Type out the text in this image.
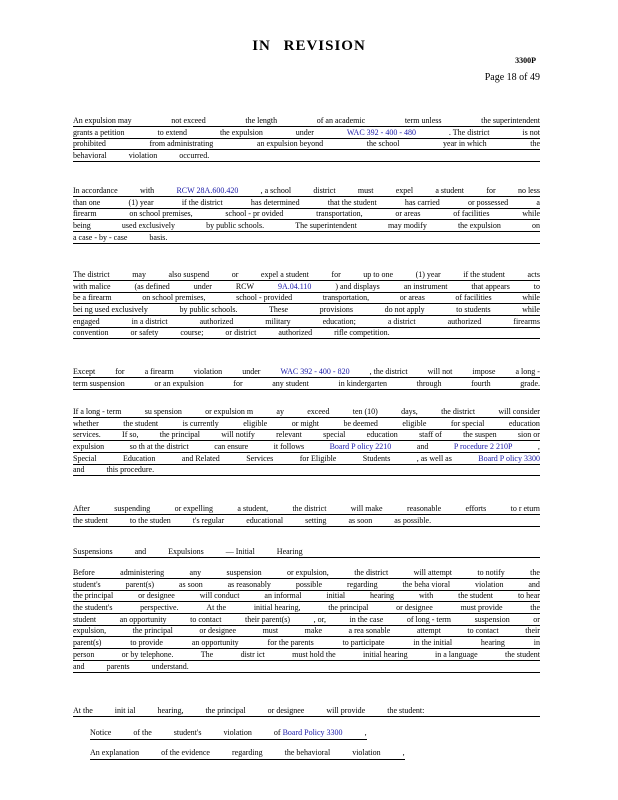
IN REVISION
3300P
Page 18 of 49
An expulsion may	not exceed	the length	of an academic	term unless	the superintendent
grants a petition	to extend	the expulsion	under	WAC 392 - 400 - 480	. The district	is not
prohibited	from administrating	an expulsion beyond	the school	year in which	the
behavioral	violation	occurred.
In accordance	with	RCW 28A.600.420	, a school	district	must	expel	a student	for	no less
than one	(1) year	if the district	has determined	that the student	has carried	or possessed	a
firearm	on school premises,	school - pr ovided	transportation,	or areas	of facilities	while
being	used exclusively	by public schools.	The superintendent	may modify	the expulsion	on
a case - by - case	basis.
The district	may	also suspend	or	expel a student	for	up to one	(1) year	if the student	acts
with malice	(as defined	under	RCW	9A.04.110	) and displays	an instrument	that appears	to
be a firearm	on school premises,	school - provided	transportation,	or areas	of facilities	while
bei ng used exclusively	by public schools.	These	provisions	do not apply	to students	while
engaged	in a district	authorized	military	education;	a district	authorized	firearms
convention	or safety	course;	or district	authorized	rifle competition.
Except	for	a firearm	violation	under	WAC 392 - 400 - 820	, the district	will not	impose	a long -
term suspension	or an expulsion	for	any student	in kindergarten	through	fourth	grade.
If a long - term	su spension	or expulsion m	ay	exceed	ten (10)	days,	the district	will consider
whether	the student	is currently	eligible	or might	be deemed	eligible	for special	education
services.	If so,	the principal	will notify	relevant	special	education	staff of	the suspen	sion or
expulsion	so th at the district	can ensure	it follows	Board P olicy 2210	and	P rocedure 2 210P	,
Special	Education	and Related	Services	for Eligible	Students	, as well as	Board P olicy 3300
and	this procedure.
After	suspending	or expelling	a student,	the district	will make	reasonable	efforts	to r eturn
the student	to the studen	t's regular	educational	setting	as soon	as possible.
Suspensions	and	Expulsions	— Initial	Hearing
Before	administering	any	suspension	or expulsion,	the district	will attempt	to notify	the
student's	parent(s)	as soon	as reasonably	possible	regarding	the beha vioral	violation	and
the principal	or designee	will conduct	an informal	initial	hearing	with	the student	to hear
the student's	perspective.	At the	initial hearing,	the principal	or designee	must provide	the
student	an opportunity	to contact	their parent(s)	, or,	in the case	of long - term	suspension	or
expulsion,	the principal	or designee	must	make	a rea sonable	attempt	to contact	their
parent(s)	to provide	an opportunity	for the parents	to participate	in the initial	hearing	in
person	or by telephone.	The	distr ict	must hold the	initial hearing	in a language	the student
and	parents	understand.
At the	init ial	hearing,	the principal	or designee	will provide	the student:
Notice	of the	student's	violation	of Board Policy 3300	,
An explanation	of the evidence	regarding	the behavioral	violation	,
